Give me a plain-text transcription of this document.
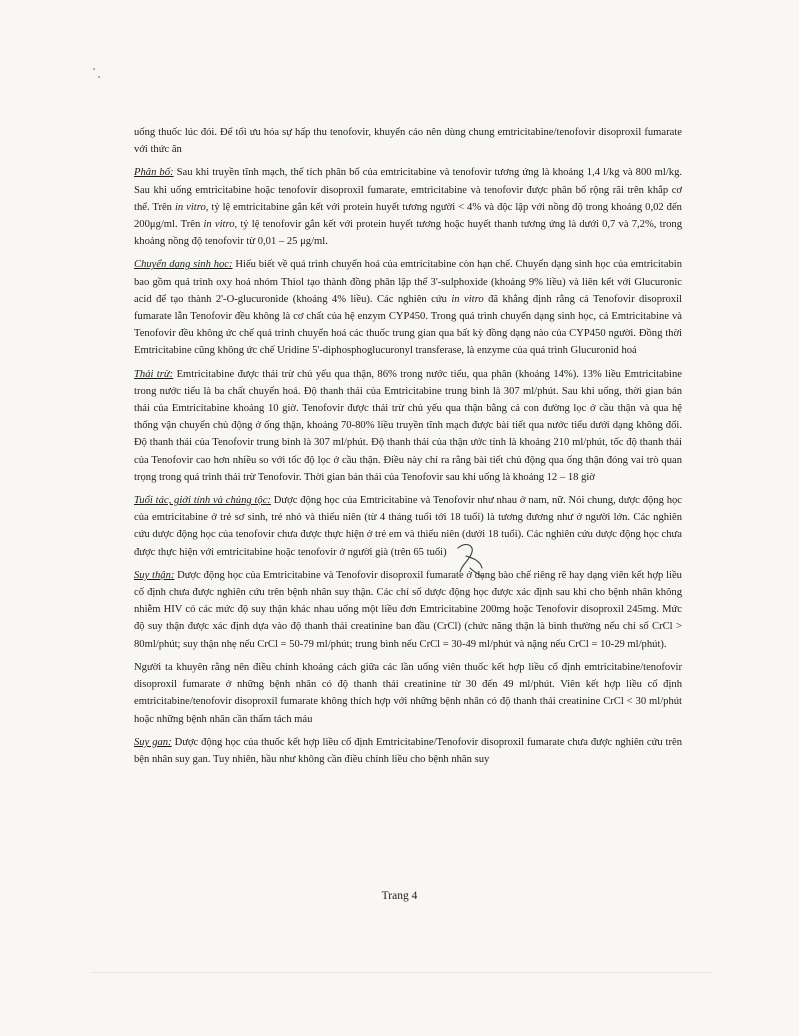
uống thuốc lúc đói. Để tối ưu hóa sự hấp thu tenofovir, khuyến cáo nên dùng chung emtricitabine/tenofovir disoproxil fumarate với thức ăn

Phân bố: Sau khi truyền tĩnh mạch, thể tích phân bố của emtricitabine và tenofovir tương ứng là khoảng 1,4 l/kg và 800 ml/kg. Sau khi uống emtricitabine hoặc tenofovir disoproxil fumarate, emtricitabine và tenofovir được phân bố rộng rãi trên khắp cơ thể. Trên in vitro, tỷ lệ emtricitabine gắn kết với protein huyết tương người < 4% và độc lập với nồng độ trong khoảng 0,02 đến 200μg/ml. Trên in vitro, tỷ lệ tenofovir gắn kết với protein huyết tương hoặc huyết thanh tương ứng là dưới 0,7 và 7,2%, trong khoảng nồng độ tenofovir từ 0,01 – 25 μg/ml.

Chuyển dạng sinh học: Hiểu biết về quá trình chuyển hoá của emtricitabine còn hạn chế. Chuyển dạng sinh học của emtricitabin bao gồm quá trình oxy hoá nhóm Thiol tạo thành đồng phân lập thể 3'-sulphoxide (khoảng 9% liều) và liên kết với Glucuronic acid để tạo thành 2'-O-glucuronide (khoảng 4% liều). Các nghiên cứu in vitro đã khẳng định rằng cả Tenofovir disoproxil fumarate lẫn Tenofovir đều không là cơ chất của hệ enzym CYP450. Trong quá trình chuyển dạng sinh học, cả Emtricitabine và Tenofovir đều không ức chế quá trình chuyển hoá các thuốc trung gian qua bất kỳ đồng dạng nào của CYP450 người. Đồng thời Emtricitabine cũng không ức chế Uridine 5'-diphosphoglucuronyl transferase, là enzyme của quá trình Glucuronid hoá

Thải trừ: Emtricitabine được thải trừ chủ yếu qua thận, 86% trong nước tiểu, qua phân (khoảng 14%). 13% liều Emtricitabine trong nước tiểu là ba chất chuyển hoá. Độ thanh thải của Emtricitabine trung bình là 307 ml/phút. Sau khi uống, thời gian bán thải của Emtricitabine khoảng 10 giờ. Tenofovir được thải trừ chủ yếu qua thận bằng cả con đường lọc ở cầu thận và qua hệ thống vận chuyển chủ động ở ống thận, khoảng 70-80% liều truyền tĩnh mạch được bài tiết qua nước tiểu dưới dạng không đổi. Độ thanh thải của Tenofovir trung bình là 307 ml/phút. Độ thanh thải của thận ước tính là khoảng 210 ml/phút, tốc độ thanh thải của Tenofovir cao hơn nhiều so với tốc độ lọc ở cầu thận. Điều này chỉ ra rằng bài tiết chủ động qua ống thận đóng vai trò quan trọng trong quá trình thải trừ Tenofovir. Thời gian bán thải của Tenofovir sau khi uống là khoảng 12 – 18 giờ

Tuổi tác, giới tính và chủng tộc: Dược động học của Emtricitabine và Tenofovir như nhau ở nam, nữ. Nói chung, dược động học của emtricitabine ở trẻ sơ sinh, trẻ nhỏ và thiếu niên (từ 4 tháng tuổi tới 18 tuổi) là tương đương như ở người lớn. Các nghiên cứu dược động học của tenofovir chưa được thực hiện ở trẻ em và thiếu niên (dưới 18 tuổi). Các nghiên cứu dược động học chưa được thực hiện với emtricitabine hoặc tenofovir ở người già (trên 65 tuổi)

Suy thận: Dược động học của Emtricitabine và Tenofovir disoproxil fumarate ở dạng bào chế riêng rẽ hay dạng viên kết hợp liều cố định chưa được nghiên cứu trên bệnh nhân suy thận. Các chỉ số dược động học được xác định sau khi cho bệnh nhân không nhiễm HIV có các mức độ suy thận khác nhau uống một liều đơn Emtricitabine 200mg hoặc Tenofovir disoproxil 245mg. Mức độ suy thận được xác định dựa vào độ thanh thải creatinine ban đầu (CrCl) (chức năng thận là bình thường nếu chỉ số CrCl > 80ml/phút; suy thận nhẹ nếu CrCl = 50-79 ml/phút; trung bình nếu CrCl = 30-49 ml/phút và nặng nếu CrCl = 10-29 ml/phút).

Người ta khuyên rằng nên điều chỉnh khoảng cách giữa các lần uống viên thuốc kết hợp liều cố định emtricitabine/tenofovir disoproxil fumarate ở những bệnh nhân có độ thanh thải creatinine từ 30 đến 49 ml/phút. Viên kết hợp liều cố định emtricitabine/tenofovir disoproxil fumarate không thích hợp với những bệnh nhân có độ thanh thải creatinine CrCl < 30 ml/phút hoặc những bệnh nhân cần thẩm tách máu

Suy gan: Dược động học của thuốc kết hợp liều cố định Emtricitabine/Tenofovir disoproxil fumarate chưa được nghiên cứu trên bện nhân suy gan. Tuy nhiên, hầu như không cần điều chỉnh liều cho bệnh nhân suy

Trang 4
